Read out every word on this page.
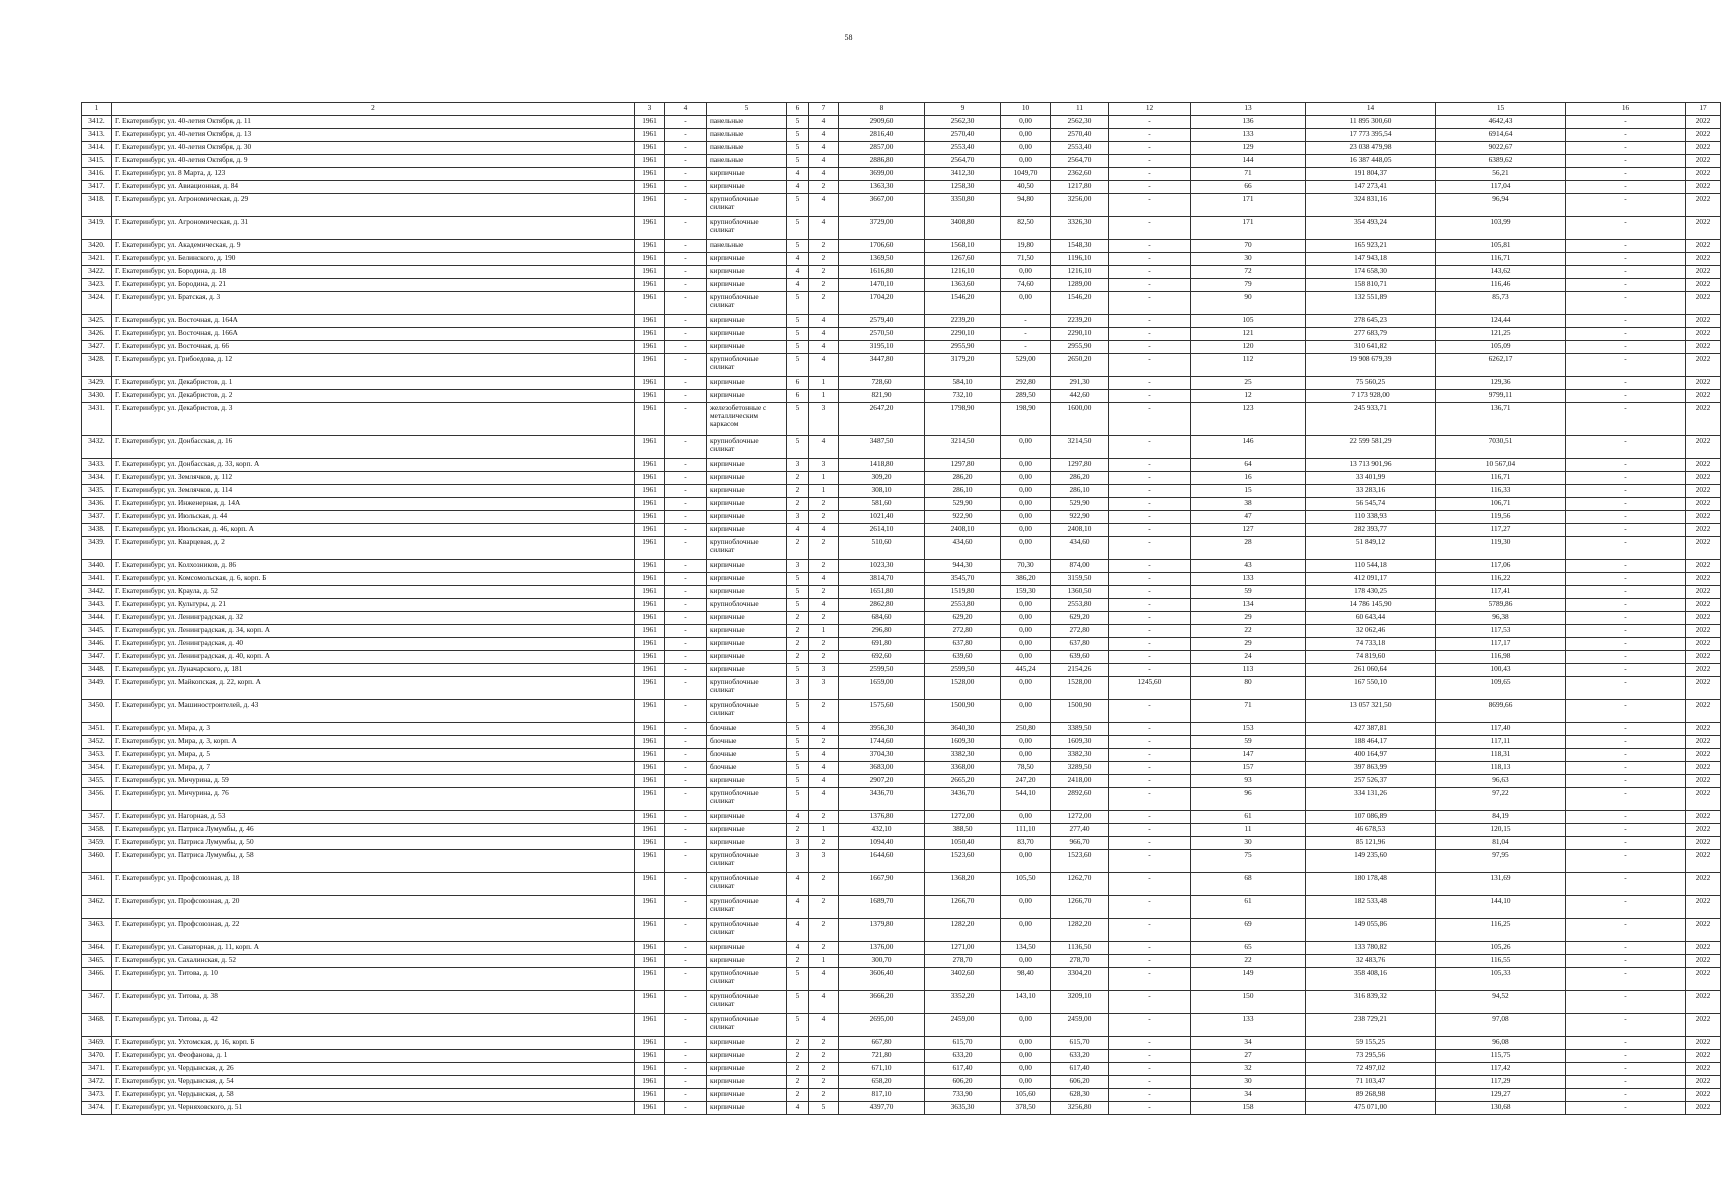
58
1	2	3	4	5	6	7	8	9	10	11	12	13	14	15	16	17
3412.	Г. Екатеринбург, ул. 40-летия Октября, д. 11	1961	-	панельные	5	4	2909,60	2562,30	0,00	2562,30	-	136	11 895 300,60	4642,43	-	2022
3413.	Г. Екатеринбург, ул. 40-летия Октября, д. 13	1961	-	панельные	5	4	2816,40	2570,40	0,00	2570,40	-	133	17 773 395,54	6914,64	-	2022
3414.	Г. Екатеринбург, ул. 40-летия Октября, д. 30	1961	-	панельные	5	4	2857,00	2553,40	0,00	2553,40	-	129	23 038 479,98	9022,67	-	2022
3415.	Г. Екатеринбург, ул. 40-летия Октября, д. 9	1961	-	панельные	5	4	2886,80	2564,70	0,00	2564,70	-	144	16 387 448,05	6389,62	-	2022
3416.	Г. Екатеринбург, ул. 8 Марта, д. 123	1961	-	кирпичные	4	4	3699,00	3412,30	1049,70	2362,60	-	71	191 804,37	56,21	-	2022
3417.	Г. Екатеринбург, ул. Авиационная, д. 84	1961	-	кирпичные	4	2	1363,30	1258,30	40,50	1217,80	-	66	147 273,41	117,04	-	2022
3418.	Г. Екатеринбург, ул. Агрономическая, д. 29	1961	-	крупноблочные силикат	5	4	3667,00	3350,80	94,80	3256,00	-	171	324 831,16	96,94	-	2022
3419.	Г. Екатеринбург, ул. Агрономическая, д. 31	1961	-	крупноблочные силикат	5	4	3729,00	3408,80	82,50	3326,30	-	171	354 493,24	103,99	-	2022
3420.	Г. Екатеринбург, ул. Академическая, д. 9	1961	-	панельные	5	2	1706,60	1568,10	19,80	1548,30	-	70	165 923,21	105,81	-	2022
3421.	Г. Екатеринбург, ул. Белинского, д. 190	1961	-	кирпичные	4	2	1369,50	1267,60	71,50	1196,10	-	30	147 943,18	116,71	-	2022
3422.	Г. Екатеринбург, ул. Бородина, д. 18	1961	-	кирпичные	4	2	1616,80	1216,10	0,00	1216,10	-	72	174 658,30	143,62	-	2022
3423.	Г. Екатеринбург, ул. Бородина, д. 21	1961	-	кирпичные	4	2	1470,10	1363,60	74,60	1289,00	-	79	158 810,71	116,46	-	2022
3424.	Г. Екатеринбург, ул. Братская, д. 3	1961	-	крупноблочные силикат	5	2	1704,20	1546,20	0,00	1546,20	-	90	132 551,89	85,73	-	2022
3425.	Г. Екатеринбург, ул. Восточная, д. 164А	1961	-	кирпичные	5	4	2579,40	2239,20	-	2239,20	-	105	278 645,23	124,44	-	2022
3426.	Г. Екатеринбург, ул. Восточная, д. 166А	1961	-	кирпичные	5	4	2570,50	2290,10	-	2290,10	-	121	277 683,79	121,25	-	2022
3427.	Г. Екатеринбург, ул. Восточная, д. 66	1961	-	кирпичные	5	4	3195,10	2955,90	-	2955,90	-	120	310 641,82	105,09	-	2022
3428.	Г. Екатеринбург, ул. Грибоедова, д. 12	1961	-	крупноблочные силикат	5	4	3447,80	3179,20	529,00	2650,20	-	112	19 908 679,39	6262,17	-	2022
3429.	Г. Екатеринбург, ул. Декабристов, д. 1	1961	-	кирпичные	6	1	728,60	584,10	292,80	291,30	-	25	75 560,25	129,36	-	2022
3430.	Г. Екатеринбург, ул. Декабристов, д. 2	1961	-	кирпичные	6	1	821,90	732,10	289,50	442,60	-	12	7 173 928,00	9799,11	-	2022
3431.	Г. Екатеринбург, ул. Декабристов, д. 3	1961	-	железобетонные с металлическим каркасом	5	3	2647,20	1798,90	198,90	1600,00	-	123	245 933,71	136,71	-	2022
3432.	Г. Екатеринбург, ул. Донбасская, д. 16	1961	-	крупноблочные силикат	5	4	3487,50	3214,50	0,00	3214,50	-	146	22 599 581,29	7030,51	-	2022
3433.	Г. Екатеринбург, ул. Донбасская, д. 33, корп. А	1961	-	кирпичные	3	3	1418,80	1297,80	0,00	1297,80	-	64	13 713 901,96	10 567,04	-	2022
3434.	Г. Екатеринбург, ул. Землячков, д. 112	1961	-	кирпичные	2	1	309,20	286,20	0,00	286,20	-	16	33 401,99	116,71	-	2022
3435.	Г. Екатеринбург, ул. Землячков, д. 114	1961	-	кирпичные	2	1	308,10	286,10	0,00	286,10	-	15	33 283,16	116,33	-	2022
3436.	Г. Екатеринбург, ул. Инженерная, д. 14А	1961	-	кирпичные	2	2	581,60	529,90	0,00	529,90	-	38	56 545,74	106,71	-	2022
3437.	Г. Екатеринбург, ул. Июльская, д. 44	1961	-	кирпичные	3	2	1021,40	922,90	0,00	922,90	-	47	110 338,93	119,56	-	2022
3438.	Г. Екатеринбург, ул. Июльская, д. 46, корп. А	1961	-	кирпичные	4	4	2614,10	2408,10	0,00	2408,10	-	127	282 393,77	117,27	-	2022
3439.	Г. Екатеринбург, ул. Кварцевая, д. 2	1961	-	крупноблочные силикат	2	2	510,60	434,60	0,00	434,60	-	28	51 849,12	119,30	-	2022
3440.	Г. Екатеринбург, ул. Колхозников, д. 86	1961	-	кирпичные	3	2	1023,30	944,30	70,30	874,00	-	43	110 544,18	117,06	-	2022
3441.	Г. Екатеринбург, ул. Комсомольская, д. 6, корп. Б	1961	-	кирпичные	5	4	3814,70	3545,70	386,20	3159,50	-	133	412 091,17	116,22	-	2022
3442.	Г. Екатеринбург, ул. Краула, д. 52	1961	-	кирпичные	5	2	1651,80	1519,80	159,30	1360,50	-	59	178 430,25	117,41	-	2022
3443.	Г. Екатеринбург, ул. Культуры, д. 21	1961	-	крупноблочные	5	4	2862,80	2553,80	0,00	2553,80	-	134	14 786 145,90	5789,86	-	2022
3444.	Г. Екатеринбург, ул. Ленинградская, д. 32	1961	-	кирпичные	2	2	684,60	629,20	0,00	629,20	-	29	60 643,44	96,38	-	2022
3445.	Г. Екатеринбург, ул. Ленинградская, д. 34, корп. А	1961	-	кирпичные	2	1	296,80	272,80	0,00	272,80	-	22	32 062,46	117,53	-	2022
3446.	Г. Екатеринбург, ул. Ленинградская, д. 40	1961	-	кирпичные	2	2	691,80	637,80	0,00	637,80	-	29	74 733,18	117,17	-	2022
3447.	Г. Екатеринбург, ул. Ленинградская, д. 40, корп. А	1961	-	кирпичные	2	2	692,60	639,60	0,00	639,60	-	24	74 819,60	116,98	-	2022
3448.	Г. Екатеринбург, ул. Луначарского, д. 181	1961	-	кирпичные	5	3	2599,50	2599,50	445,24	2154,26	-	113	261 060,64	100,43	-	2022
3449.	Г. Екатеринбург, ул. Майкопская, д. 22, корп. А	1961	-	крупноблочные силикат	3	3	1659,00	1528,00	0,00	1528,00	1245,60	80	167 550,10	109,65	-	2022
3450.	Г. Екатеринбург, ул. Машиностроителей, д. 43	1961	-	крупноблочные силикат	5	2	1575,60	1500,90	0,00	1500,90	-	71	13 057 321,50	8699,66	-	2022
3451.	Г. Екатеринбург, ул. Мира, д. 3	1961	-	блочные	5	4	3956,30	3640,30	250,80	3389,50	-	153	427 387,81	117,40	-	2022
3452.	Г. Екатеринбург, ул. Мира, д. 3, корп. А	1961	-	блочные	5	2	1744,60	1609,30	0,00	1609,30	-	59	188 464,17	117,11	-	2022
3453.	Г. Екатеринбург, ул. Мира, д. 5	1961	-	блочные	5	4	3704,30	3382,30	0,00	3382,30	-	147	400 164,97	118,31	-	2022
3454.	Г. Екатеринбург, ул. Мира, д. 7	1961	-	блочные	5	4	3683,00	3368,00	78,50	3289,50	-	157	397 863,99	118,13	-	2022
3455.	Г. Екатеринбург, ул. Мичурина, д. 59	1961	-	кирпичные	5	4	2907,20	2665,20	247,20	2418,00	-	93	257 526,37	96,63	-	2022
3456.	Г. Екатеринбург, ул. Мичурина, д. 76	1961	-	крупноблочные силикат	5	4	3436,70	3436,70	544,10	2892,60	-	96	334 131,26	97,22	-	2022
3457.	Г. Екатеринбург, ул. Нагорная, д. 53	1961	-	кирпичные	4	2	1376,80	1272,00	0,00	1272,00	-	61	107 086,89	84,19	-	2022
3458.	Г. Екатеринбург, ул. Патриса Лумумбы, д. 46	1961	-	кирпичные	2	1	432,10	388,50	111,10	277,40	-	11	46 678,53	120,15	-	2022
3459.	Г. Екатеринбург, ул. Патриса Лумумбы, д. 50	1961	-	кирпичные	3	2	1094,40	1050,40	83,70	966,70	-	30	85 121,96	81,04	-	2022
3460.	Г. Екатеринбург, ул. Патриса Лумумбы, д. 58	1961	-	крупноблочные силикат	3	3	1644,60	1523,60	0,00	1523,60	-	75	149 235,60	97,95	-	2022
3461.	Г. Екатеринбург, ул. Профсоюзная, д. 18	1961	-	крупноблочные силикат	4	2	1667,90	1368,20	105,50	1262,70	-	68	180 178,48	131,69	-	2022
3462.	Г. Екатеринбург, ул. Профсоюзная, д. 20	1961	-	крупноблочные силикат	4	2	1689,70	1266,70	0,00	1266,70	-	61	182 533,48	144,10	-	2022
3463.	Г. Екатеринбург, ул. Профсоюзная, д. 22	1961	-	крупноблочные силикат	4	2	1379,80	1282,20	0,00	1282,20	-	69	149 055,86	116,25	-	2022
3464.	Г. Екатеринбург, ул. Санаторная, д. 11, корп. А	1961	-	кирпичные	4	2	1376,00	1271,00	134,50	1136,50	-	65	133 780,82	105,26	-	2022
3465.	Г. Екатеринбург, ул. Сахалинская, д. 52	1961	-	кирпичные	2	1	300,70	278,70	0,00	278,70	-	22	32 483,76	116,55	-	2022
3466.	Г. Екатеринбург, ул. Титова, д. 10	1961	-	крупноблочные силикат	5	4	3606,40	3402,60	98,40	3304,20	-	149	358 408,16	105,33	-	2022
3467.	Г. Екатеринбург, ул. Титова, д. 38	1961	-	крупноблочные силикат	5	4	3666,20	3352,20	143,10	3209,10	-	150	316 839,32	94,52	-	2022
3468.	Г. Екатеринбург, ул. Титова, д. 42	1961	-	крупноблочные силикат	5	4	2695,00	2459,00	0,00	2459,00	-	133	238 729,21	97,08	-	2022
3469.	Г. Екатеринбург, ул. Ухтомская, д. 16, корп. Б	1961	-	кирпичные	2	2	667,80	615,70	0,00	615,70	-	34	59 155,25	96,08	-	2022
3470.	Г. Екатеринбург, ул. Феофанова, д. 1	1961	-	кирпичные	2	2	721,80	633,20	0,00	633,20	-	27	73 295,56	115,75	-	2022
3471.	Г. Екатеринбург, ул. Чердынская, д. 26	1961	-	кирпичные	2	2	671,10	617,40	0,00	617,40	-	32	72 497,02	117,42	-	2022
3472.	Г. Екатеринбург, ул. Чердынская, д. 54	1961	-	кирпичные	2	2	658,20	606,20	0,00	606,20	-	30	71 103,47	117,29	-	2022
3473.	Г. Екатеринбург, ул. Чердынская, д. 58	1961	-	кирпичные	2	2	817,10	733,90	105,60	628,30	-	34	89 268,98	129,27	-	2022
3474.	Г. Екатеринбург, ул. Черняховского, д. 51	1961	-	кирпичные	4	5	4397,70	3635,30	378,50	3256,80	-	158	475 071,00	130,68	-	2022
